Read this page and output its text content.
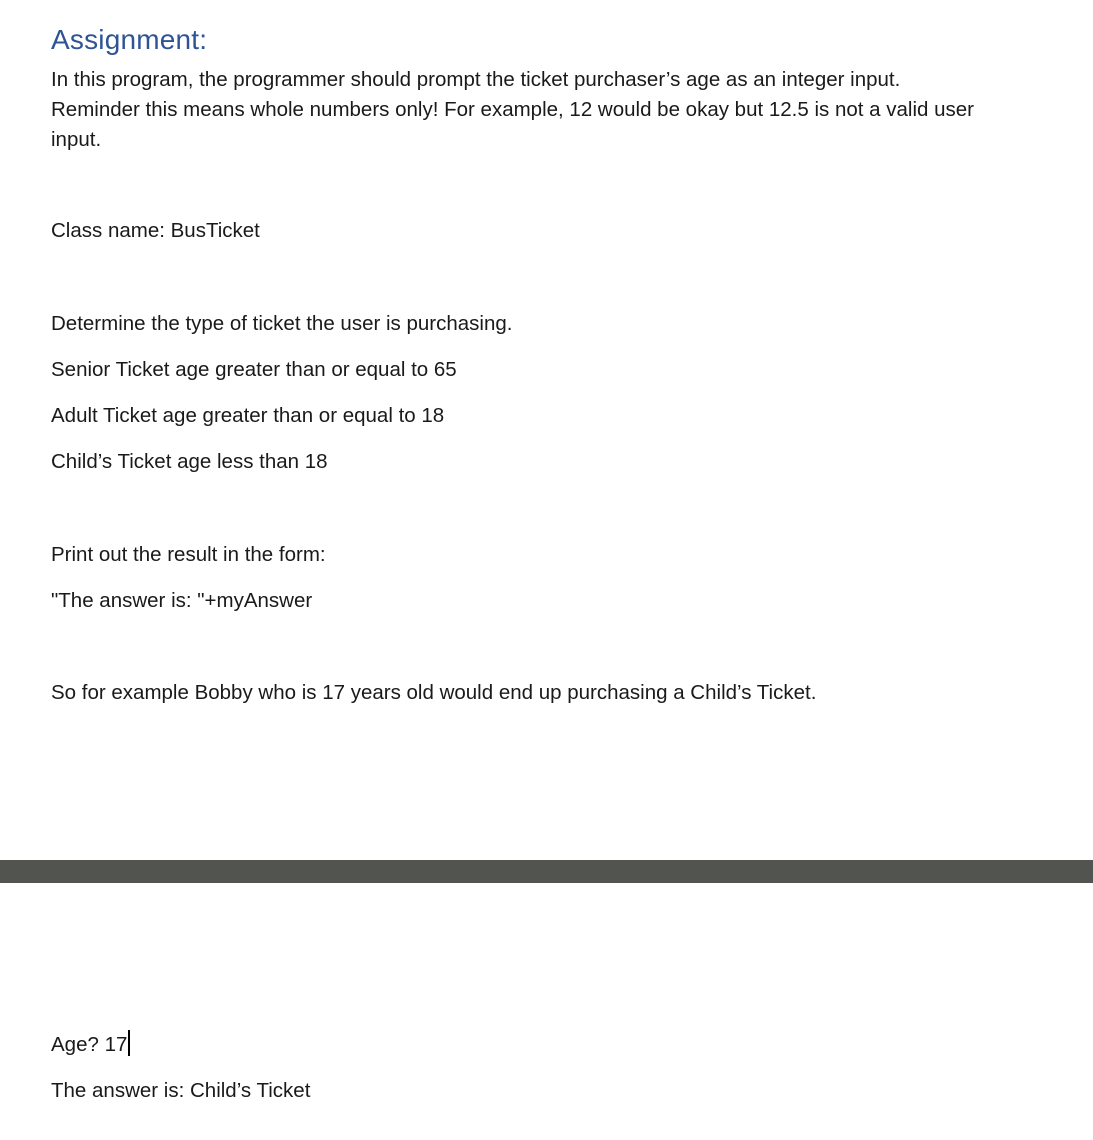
Assignment:
In this program, the programmer should prompt the ticket purchaser’s age as an integer input.
Reminder this means whole numbers only! For example, 12 would be okay but 12.5 is not a valid user
input.
Class name: BusTicket
Determine the type of ticket the user is purchasing.
Senior Ticket age greater than or equal to 65
Adult Ticket age greater than or equal to 18
Child’s Ticket age less than 18
Print out the result in the form:
"The answer is: "+myAnswer
So for example Bobby who is 17 years old would end up purchasing a Child’s Ticket.
Age? 17
The answer is: Child’s Ticket
